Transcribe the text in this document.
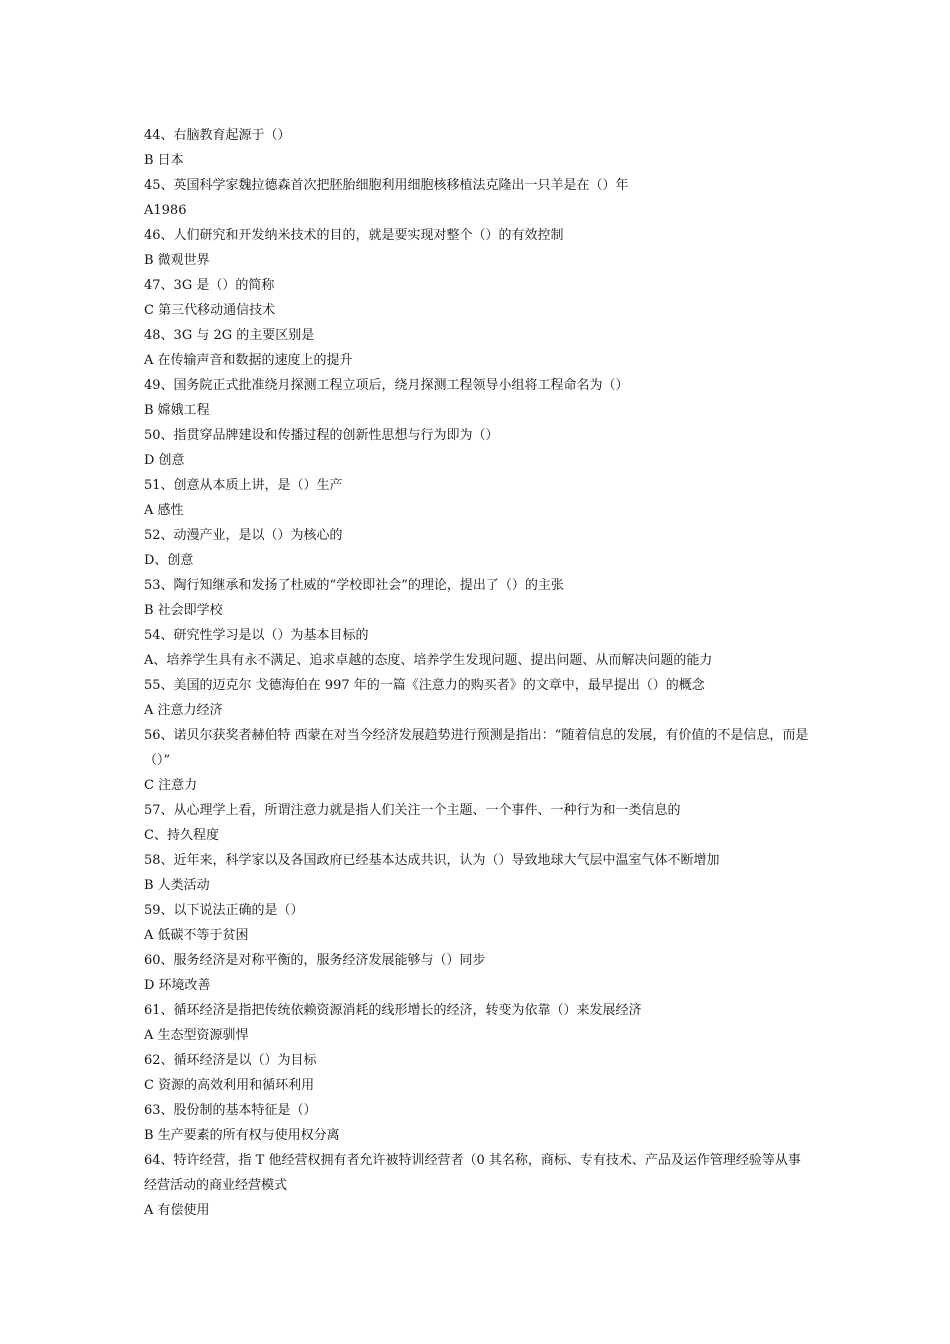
44、右脑教育起源于（）

B 日本

45、英国科学家魏拉德森首次把胚胎细胞利用细胞核移植法克隆出一只羊是在（）年

A1986

46、人们研究和开发纳米技术的目的，就是要实现对整个（）的有效控制

B 微观世界

47、3G 是（）的简称

C 第三代移动通信技术

48、3G 与 2G 的主要区别是

A 在传输声音和数据的速度上的提升

49、国务院正式批准绕月探测工程立项后，绕月探测工程领导小组将工程命名为（）

B 嫦娥工程

50、指贯穿品牌建设和传播过程的创新性思想与行为即为（）

D 创意

51、创意从本质上讲，是（）生产

A 感性

52、动漫产业，是以（）为核心的

D、创意

53、陶行知继承和发扬了杜威的“学校即社会”的理论，提出了（）的主张

B 社会即学校

54、研究性学习是以（）为基本目标的

A、培养学生具有永不满足、追求卓越的态度、培养学生发现问题、提出问题、从而解决问题的能力

55、美国的迈克尔 戈德海伯在 997 年的一篇《注意力的购买者》的文章中，最早提出（）的概念

A 注意力经济

56、诺贝尔获奖者赫伯特 西蒙在对当今经济发展趋势进行预测是指出：“随着信息的发展，有价值的不是信息，而是（）”

C 注意力

57、从心理学上看，所谓注意力就是指人们关注一个主题、一个事件、一种行为和一类信息的

C、持久程度

58、近年来，科学家以及各国政府已经基本达成共识，认为（）导致地球大气层中温室气体不断增加

B 人类活动

59、以下说法正确的是（）

A 低碳不等于贫困

60、服务经济是对称平衡的，服务经济发展能够与（）同步

D 环境改善

61、循环经济是指把传统依赖资源消耗的线形增长的经济，转变为依靠（）来发展经济

A 生态型资源驯悍

62、循环经济是以（）为目标

C 资源的高效利用和循环利用

63、股份制的基本特征是（）

B 生产要素的所有权与使用权分离

64、特许经营，指 T 他经营权拥有者允许被特训经营者（0 其名称，商标、专有技术、产品及运作管理经验等从事经营活动的商业经营模式

A 有偿使用
